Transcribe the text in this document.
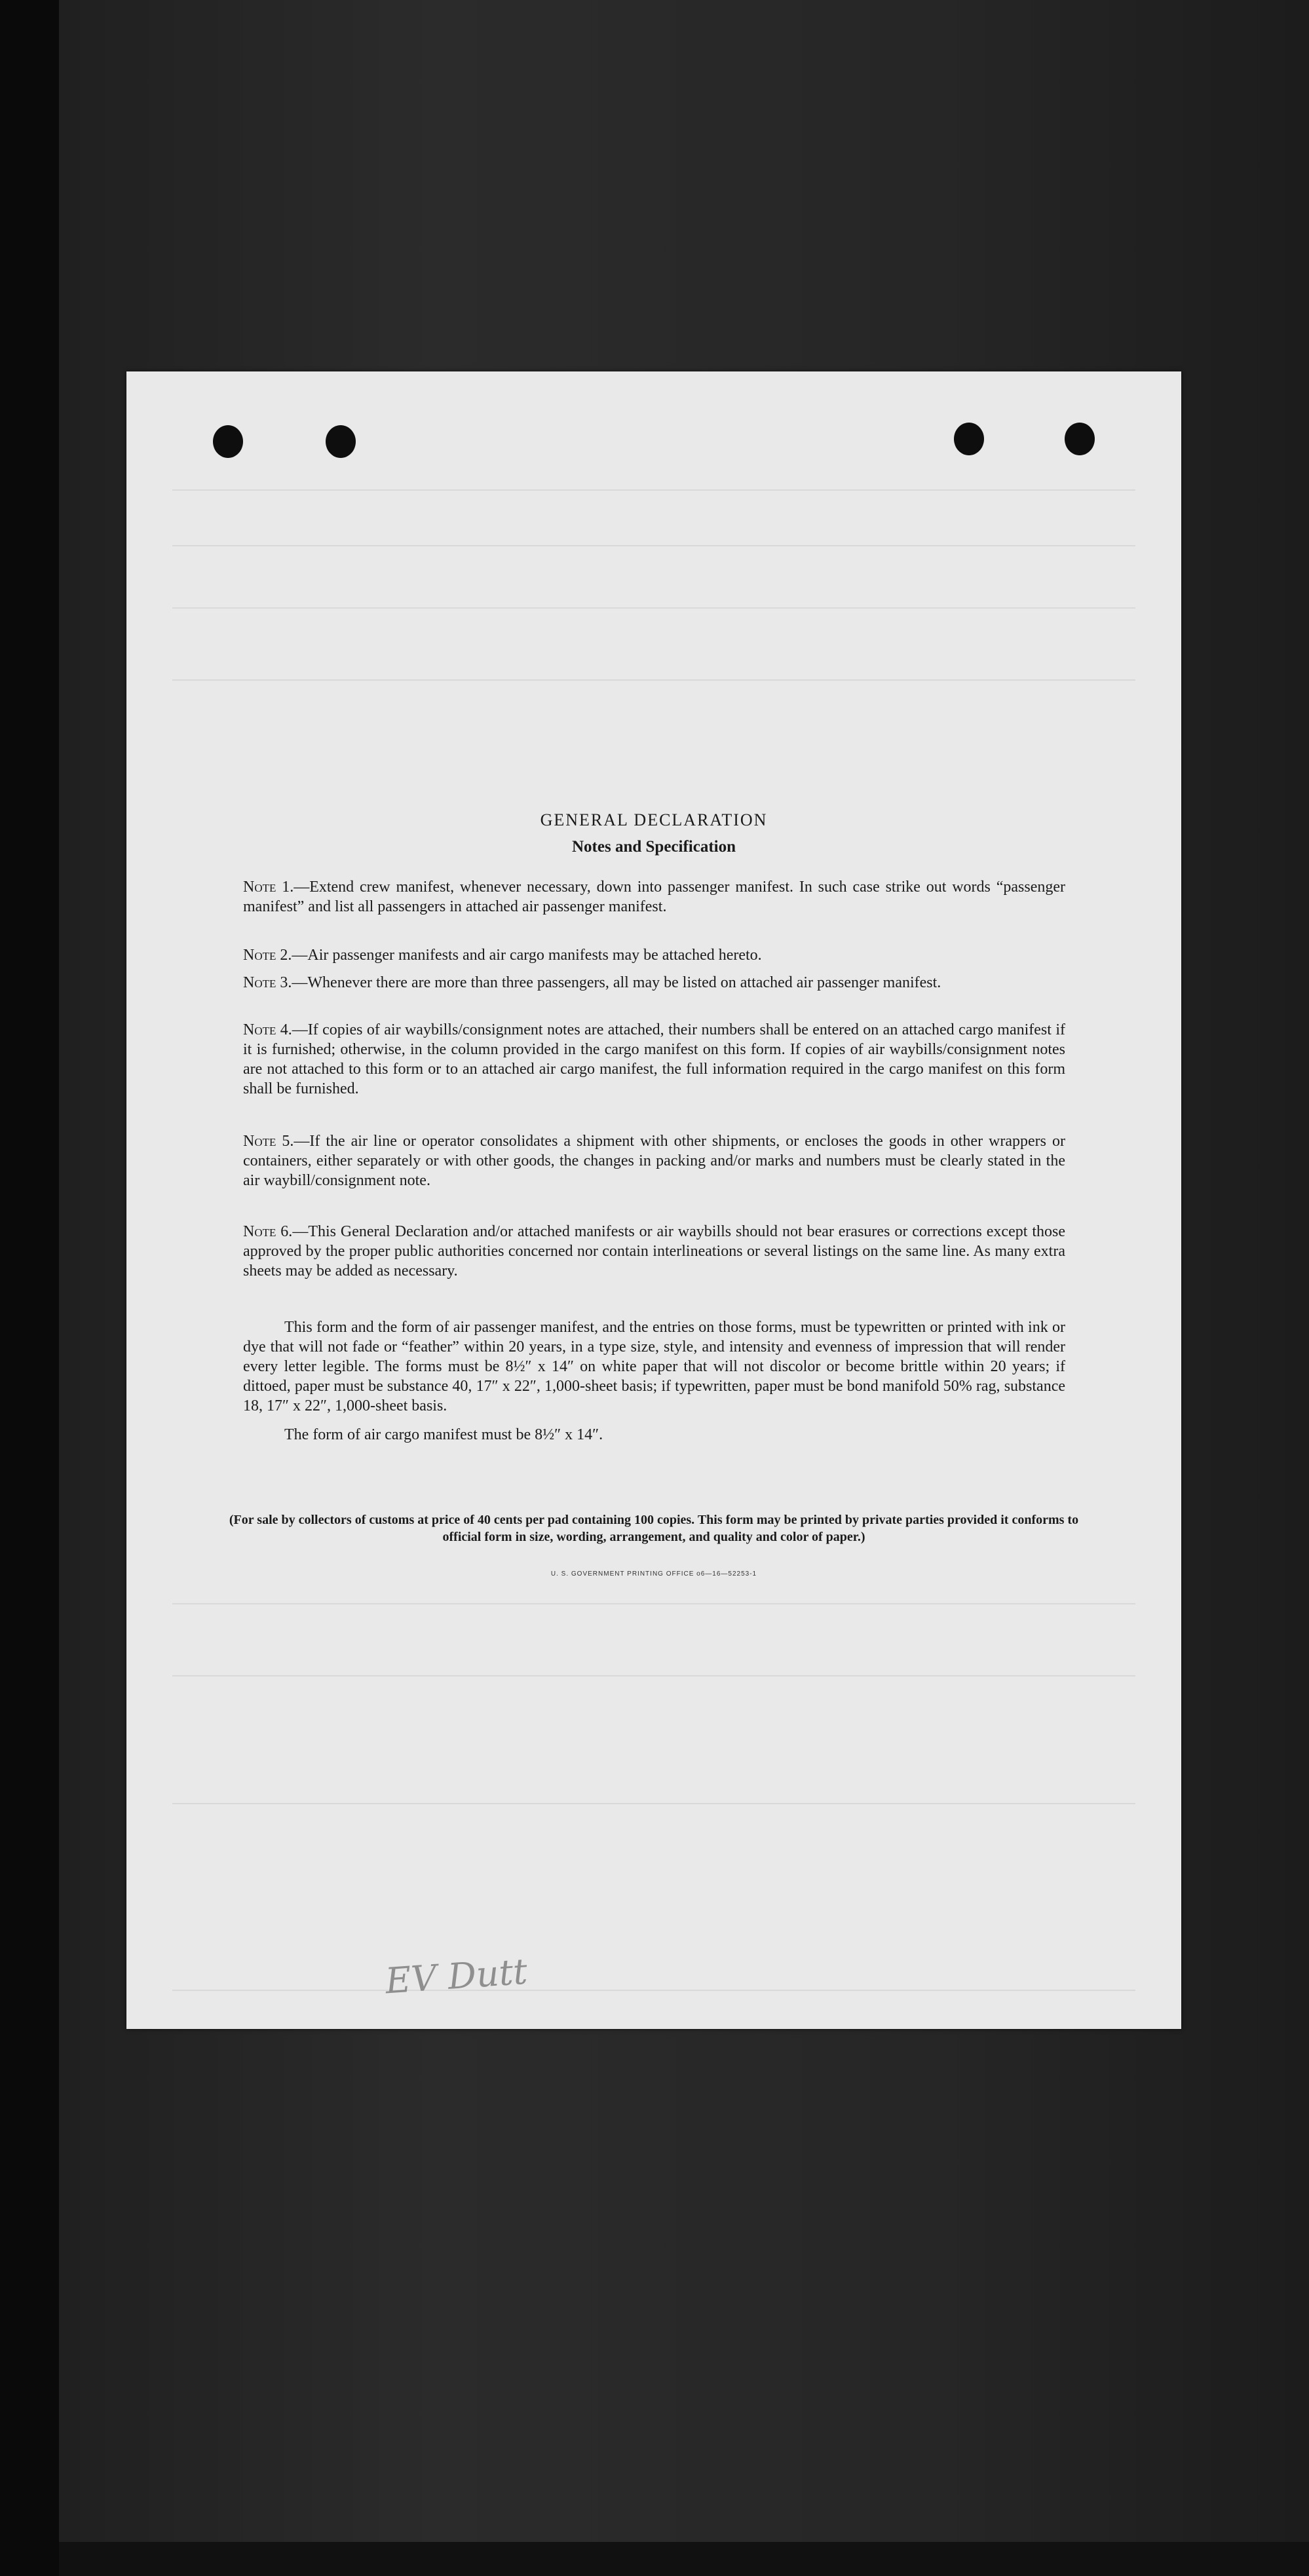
GENERAL DECLARATION
Notes and Specification
Note 1.—Extend crew manifest, whenever necessary, down into passenger manifest. In such case strike out words “passenger manifest” and list all passengers in attached air passenger manifest.
Note 2.—Air passenger manifests and air cargo manifests may be attached hereto.
Note 3.—Whenever there are more than three passengers, all may be listed on attached air passenger manifest.
Note 4.—If copies of air waybills/consignment notes are attached, their numbers shall be entered on an attached cargo manifest if it is furnished; otherwise, in the column provided in the cargo manifest on this form. If copies of air waybills/consignment notes are not attached to this form or to an attached air cargo manifest, the full information required in the cargo manifest on this form shall be furnished.
Note 5.—If the air line or operator consolidates a shipment with other shipments, or encloses the goods in other wrappers or containers, either separately or with other goods, the changes in packing and/or marks and numbers must be clearly stated in the air waybill/consignment note.
Note 6.—This General Declaration and/or attached manifests or air waybills should not bear erasures or corrections except those approved by the proper public authorities concerned nor contain interlineations or several listings on the same line. As many extra sheets may be added as necessary.
This form and the form of air passenger manifest, and the entries on those forms, must be typewritten or printed with ink or dye that will not fade or “feather” within 20 years, in a type size, style, and intensity and evenness of impression that will render every letter legible. The forms must be 8½″ x 14″ on white paper that will not discolor or become brittle within 20 years; if dittoed, paper must be substance 40, 17″ x 22″, 1,000-sheet basis; if typewritten, paper must be bond manifold 50% rag, substance 18, 17″ x 22″, 1,000-sheet basis.
The form of air cargo manifest must be 8½″ x 14″.
(For sale by collectors of customs at price of 40 cents per pad containing 100 copies. This form may be printed by private parties provided it conforms to official form in size, wording, arrangement, and quality and color of paper.)
U. S. GOVERNMENT PRINTING OFFICE o6—16—52253-1
EV Dutt
